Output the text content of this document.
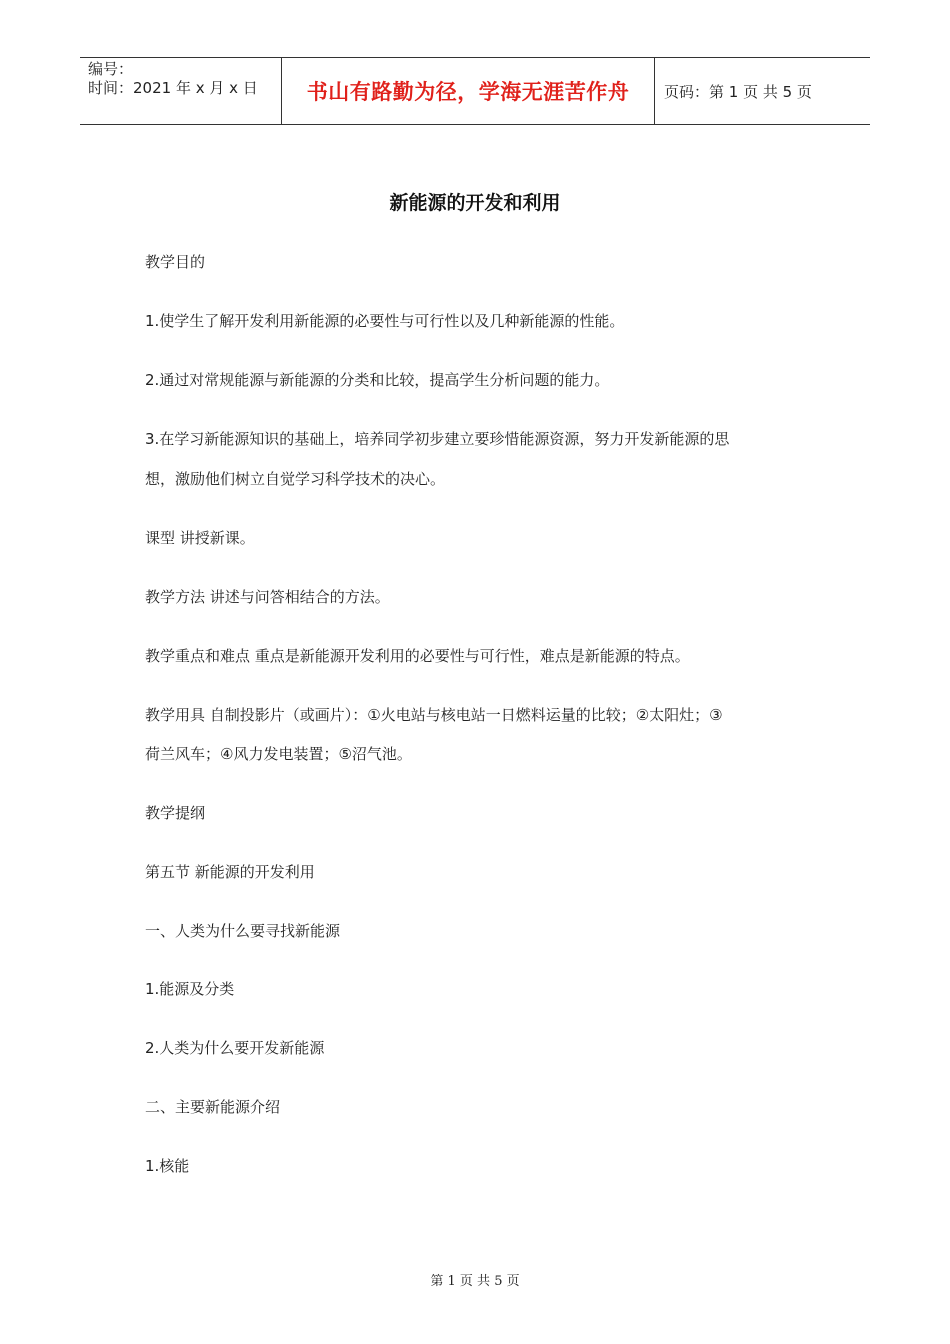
编号：
时间：2021 年 x 月 x 日	书山有路勤为径，学海无涯苦作舟	页码：第 1 页 共 5 页
新能源的开发和利用

教学目的

1.使学生了解开发利用新能源的必要性与可行性以及几种新能源的性能。

2.通过对常规能源与新能源的分类和比较，提高学生分析问题的能力。

3.在学习新能源知识的基础上，培养同学初步建立要珍惜能源资源，努力开发新能源的思

想，激励他们树立自觉学习科学技术的决心。

课型 讲授新课。

教学方法 讲述与问答相结合的方法。

教学重点和难点 重点是新能源开发利用的必要性与可行性，难点是新能源的特点。

教学用具 自制投影片（或画片）：①火电站与核电站一日燃料运量的比较；②太阳灶；③

荷兰风车；④风力发电装置；⑤沼气池。

教学提纲

第五节 新能源的开发利用

一、人类为什么要寻找新能源

1.能源及分类

2.人类为什么要开发新能源

二、主要新能源介绍

1.核能

第 1 页 共 5 页
